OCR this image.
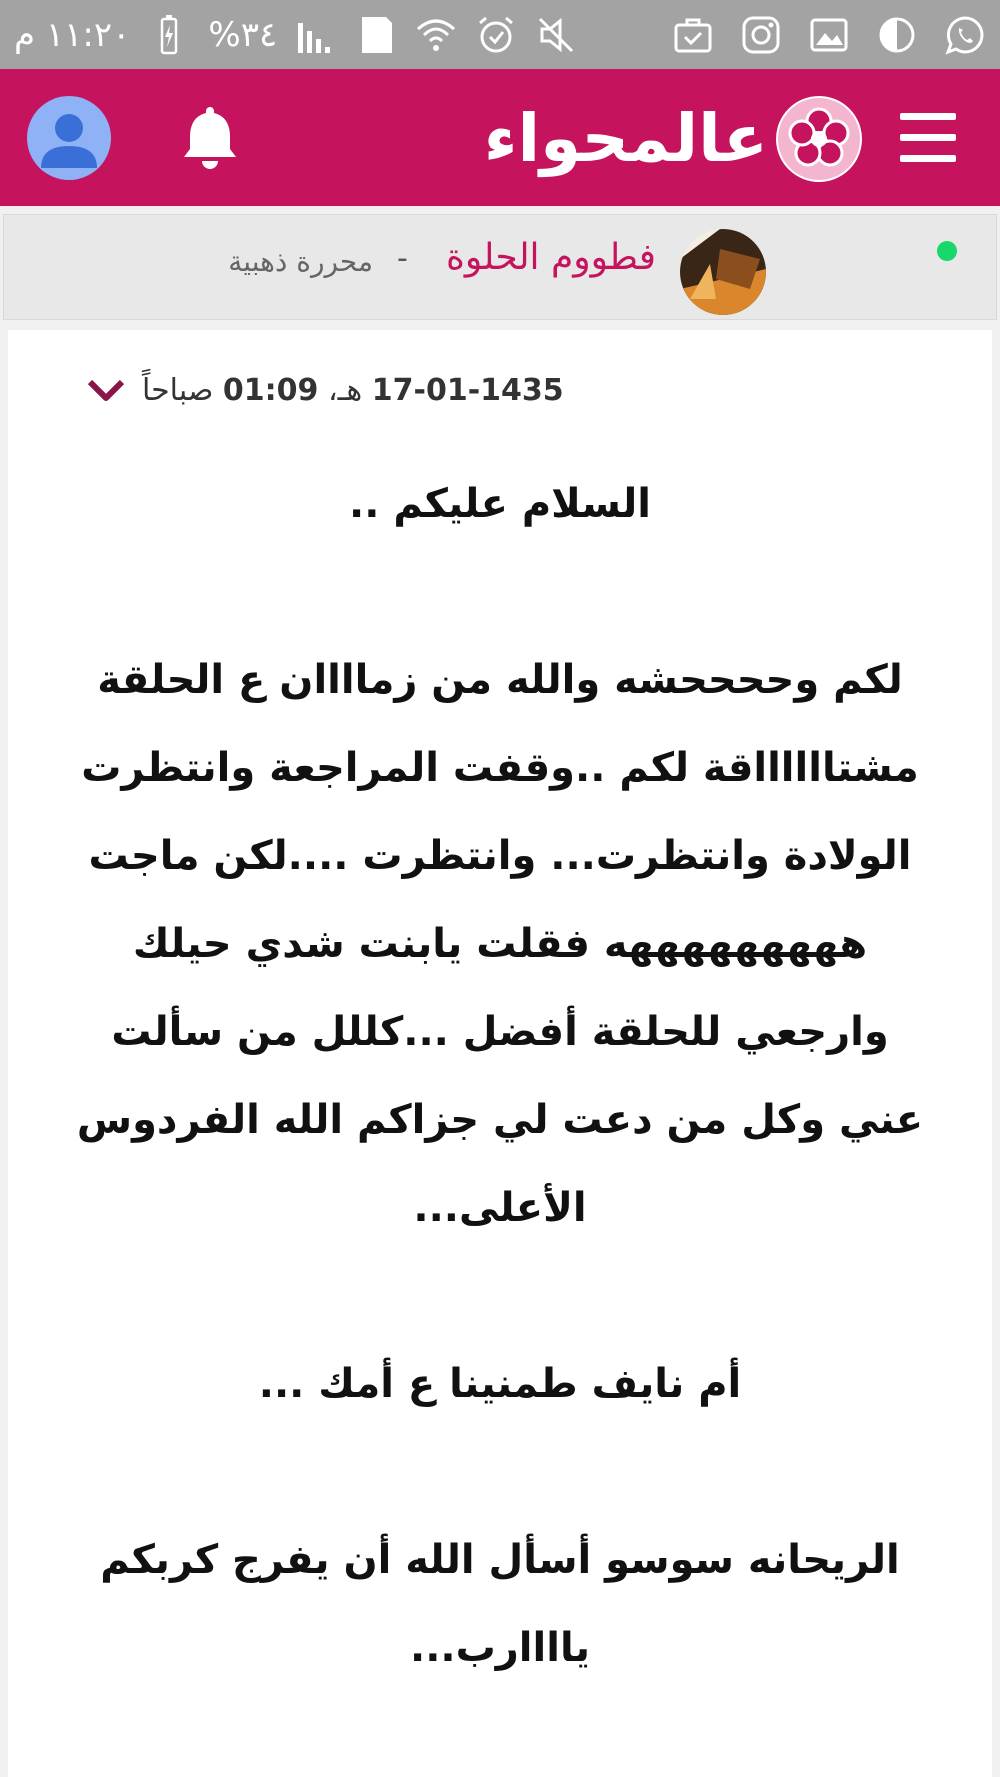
١١:٢٠ م %٣٤
عالمحواء
فطووم الحلوة
-
محررة ذهبية
17-01-1435 هـ، 01:09 صباحاً

السلام عليكم ..

لكم وححححشه والله من زماااان ع الحلقة مشتااااااقة لكم ..وقفت المراجعة وانتظرت الولادة وانتظرت... وانتظرت ....لكن ماجت هههههههههه فقلت يابنت شدي حيلك وارجعي للحلقة أفضل ...كللل من سألت عني وكل من دعت لي جزاكم الله الفردوس الأعلى...

أم نايف طمنينا ع أمك ...

الريحانه سوسو أسأل الله أن يفرج كربكم ياااارب...
